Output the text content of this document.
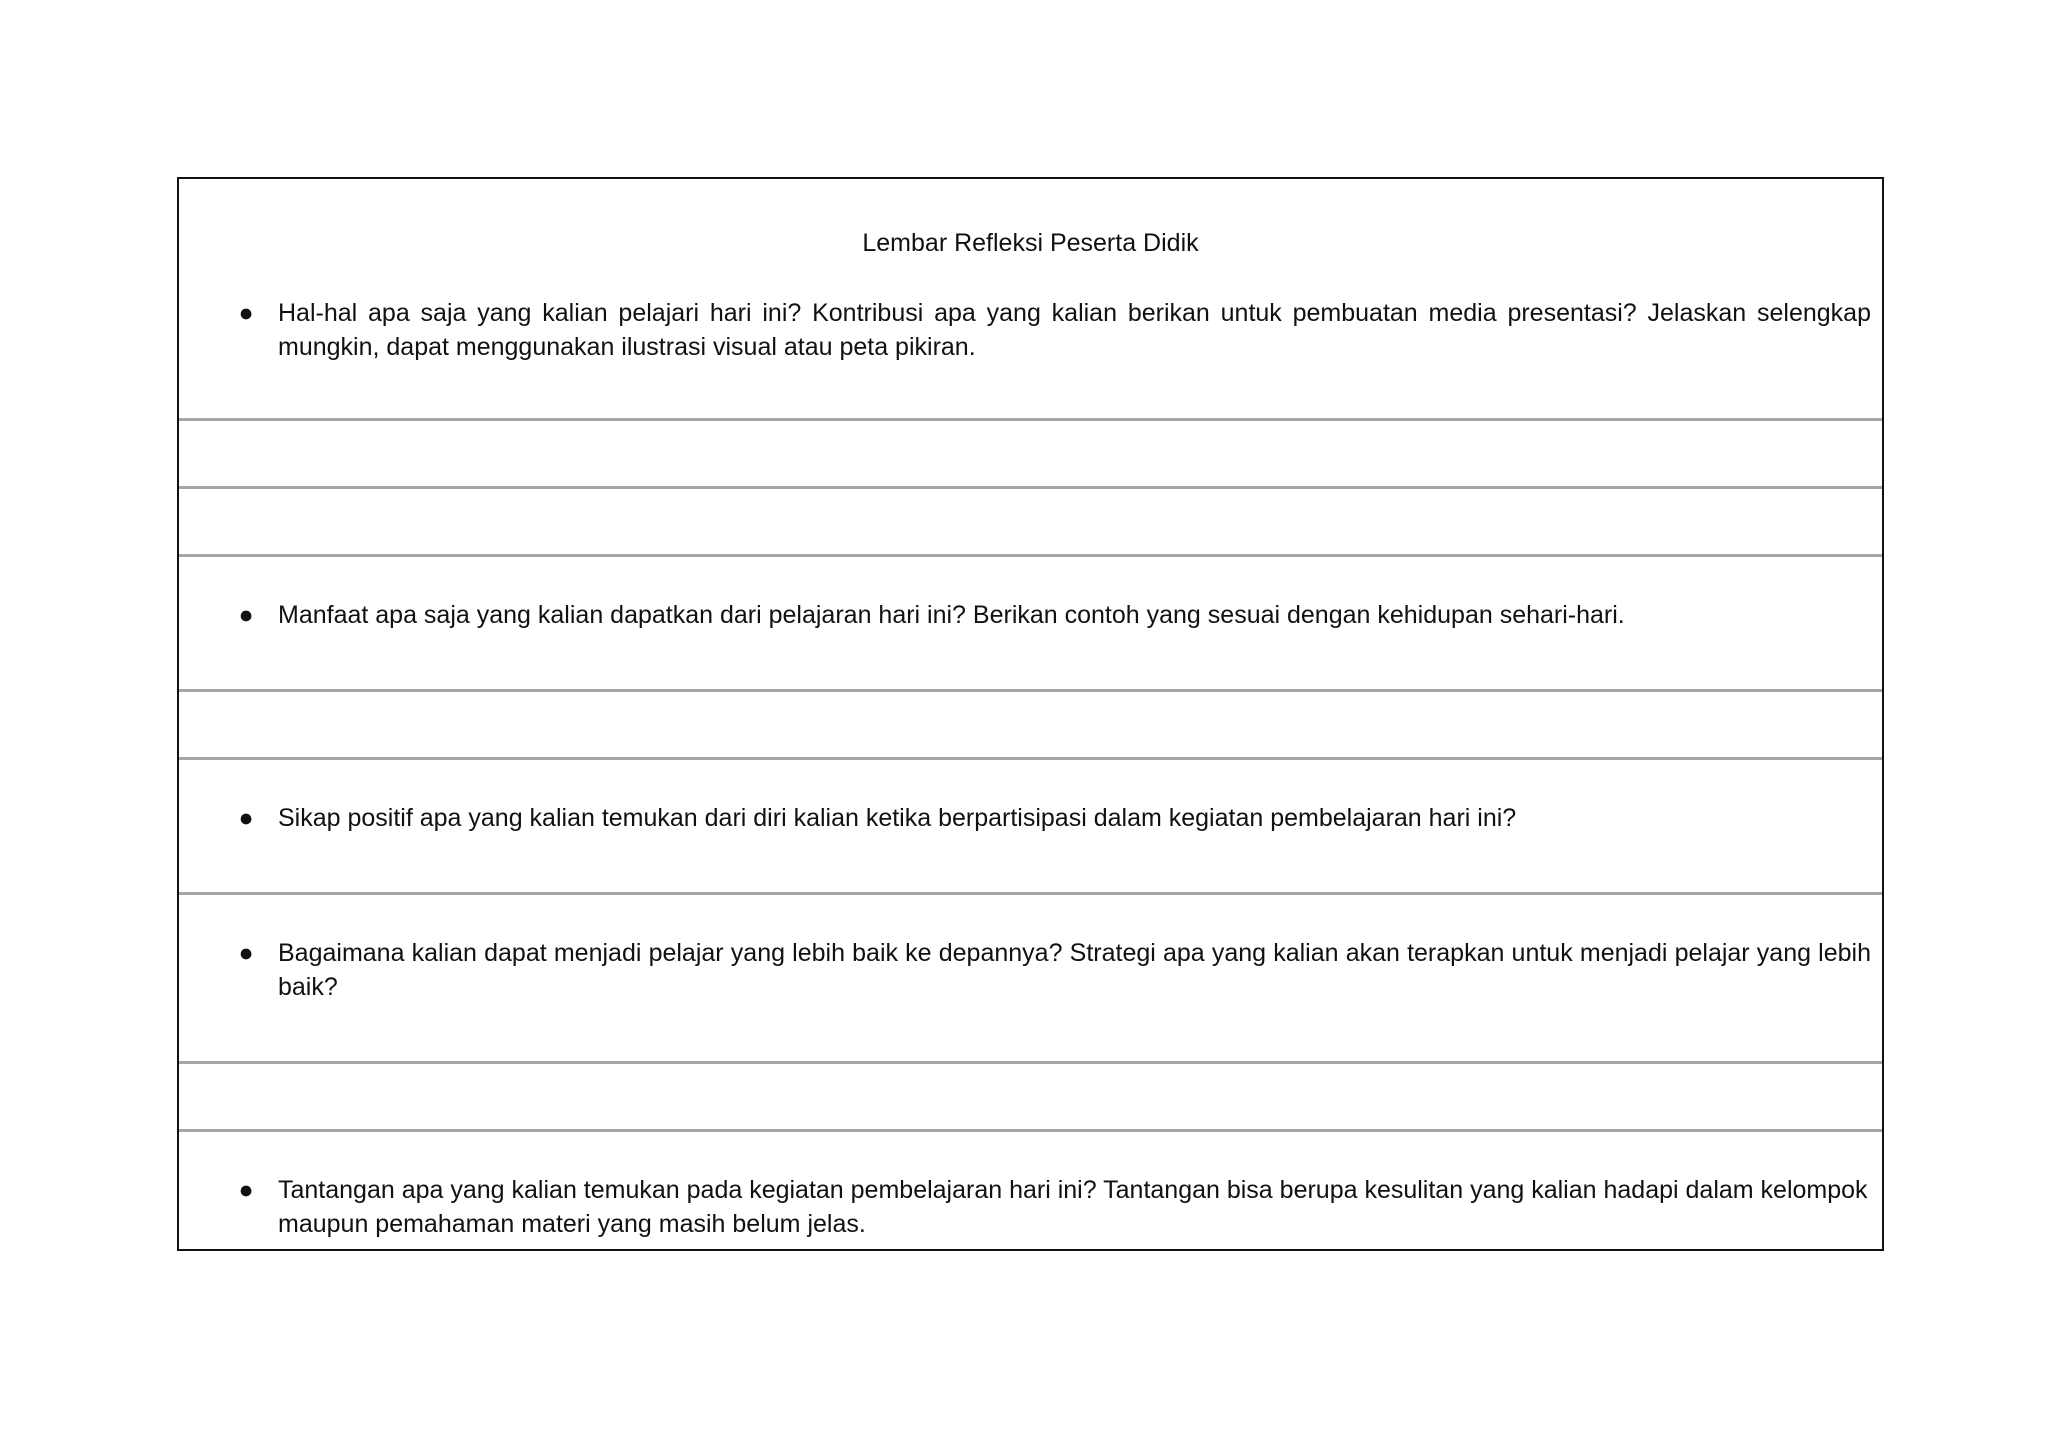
Lembar Refleksi Peserta Didik
● Hal-hal apa saja yang kalian pelajari hari ini? Kontribusi apa yang kalian berikan untuk pembuatan media presentasi? Jelaskan selengkap mungkin, dapat menggunakan ilustrasi visual atau peta pikiran.
● Manfaat apa saja yang kalian dapatkan dari pelajaran hari ini? Berikan contoh yang sesuai dengan kehidupan sehari-hari.
● Sikap positif apa yang kalian temukan dari diri kalian ketika berpartisipasi dalam kegiatan pembelajaran hari ini?
● Bagaimana kalian dapat menjadi pelajar yang lebih baik ke depannya? Strategi apa yang kalian akan terapkan untuk menjadi pelajar yang lebih baik?
● Tantangan apa yang kalian temukan pada kegiatan pembelajaran hari ini? Tantangan bisa berupa kesulitan yang kalian hadapi dalam kelompok maupun pemahaman materi yang masih belum jelas.
